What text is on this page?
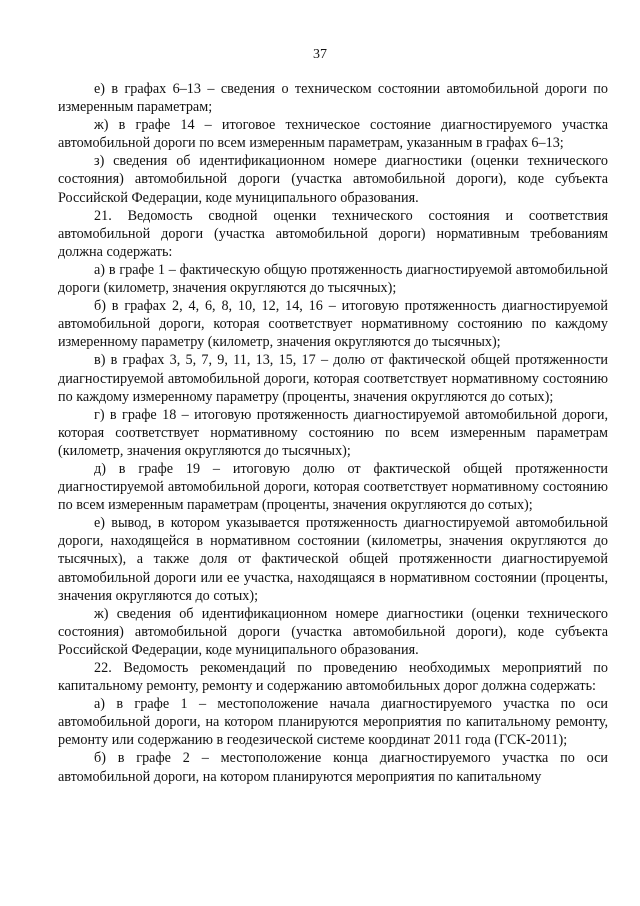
37

е) в графах 6–13 – сведения о техническом состоянии автомобильной дороги по измеренным параметрам;

ж) в графе 14 – итоговое техническое состояние диагностируемого участка автомобильной дороги по всем измеренным параметрам, указанным в графах 6–13;

з) сведения об идентификационном номере диагностики (оценки технического состояния) автомобильной дороги (участка автомобильной дороги), коде субъекта Российской Федерации, коде муниципального образования.

21. Ведомость сводной оценки технического состояния и соответствия автомобильной дороги (участка автомобильной дороги) нормативным требованиям должна содержать:

а) в графе 1 – фактическую общую протяженность диагностируемой автомобильной дороги (километр, значения округляются до тысячных);

б) в графах 2, 4, 6, 8, 10, 12, 14, 16 – итоговую протяженность диагностируемой автомобильной дороги, которая соответствует нормативному состоянию по каждому измеренному параметру (километр, значения округляются до тысячных);

в) в графах 3, 5, 7, 9, 11, 13, 15, 17 – долю от фактической общей протяженности диагностируемой автомобильной дороги, которая соответствует нормативному состоянию по каждому измеренному параметру (проценты, значения округляются до сотых);

г) в графе 18 – итоговую протяженность диагностируемой автомобильной дороги, которая соответствует нормативному состоянию по всем измеренным параметрам (километр, значения округляются до тысячных);

д) в графе 19 – итоговую долю от фактической общей протяженности диагностируемой автомобильной дороги, которая соответствует нормативному состоянию по всем измеренным параметрам (проценты, значения округляются до сотых);

е) вывод, в котором указывается протяженность диагностируемой автомобильной дороги, находящейся в нормативном состоянии (километры, значения округляются до тысячных), а также доля от фактической общей протяженности диагностируемой автомобильной дороги или ее участка, находящаяся в нормативном состоянии (проценты, значения округляются до сотых);

ж) сведения об идентификационном номере диагностики (оценки технического состояния) автомобильной дороги (участка автомобильной дороги), коде субъекта Российской Федерации, коде муниципального образования.

22. Ведомость рекомендаций по проведению необходимых мероприятий по капитальному ремонту, ремонту и содержанию автомобильных дорог должна содержать:

а) в графе 1 – местоположение начала диагностируемого участка по оси автомобильной дороги, на котором планируются мероприятия по капитальному ремонту, ремонту или содержанию в геодезической системе координат 2011 года (ГСК-2011);

б) в графе 2 – местоположение конца диагностируемого участка по оси автомобильной дороги, на котором планируются мероприятия по капитальному
